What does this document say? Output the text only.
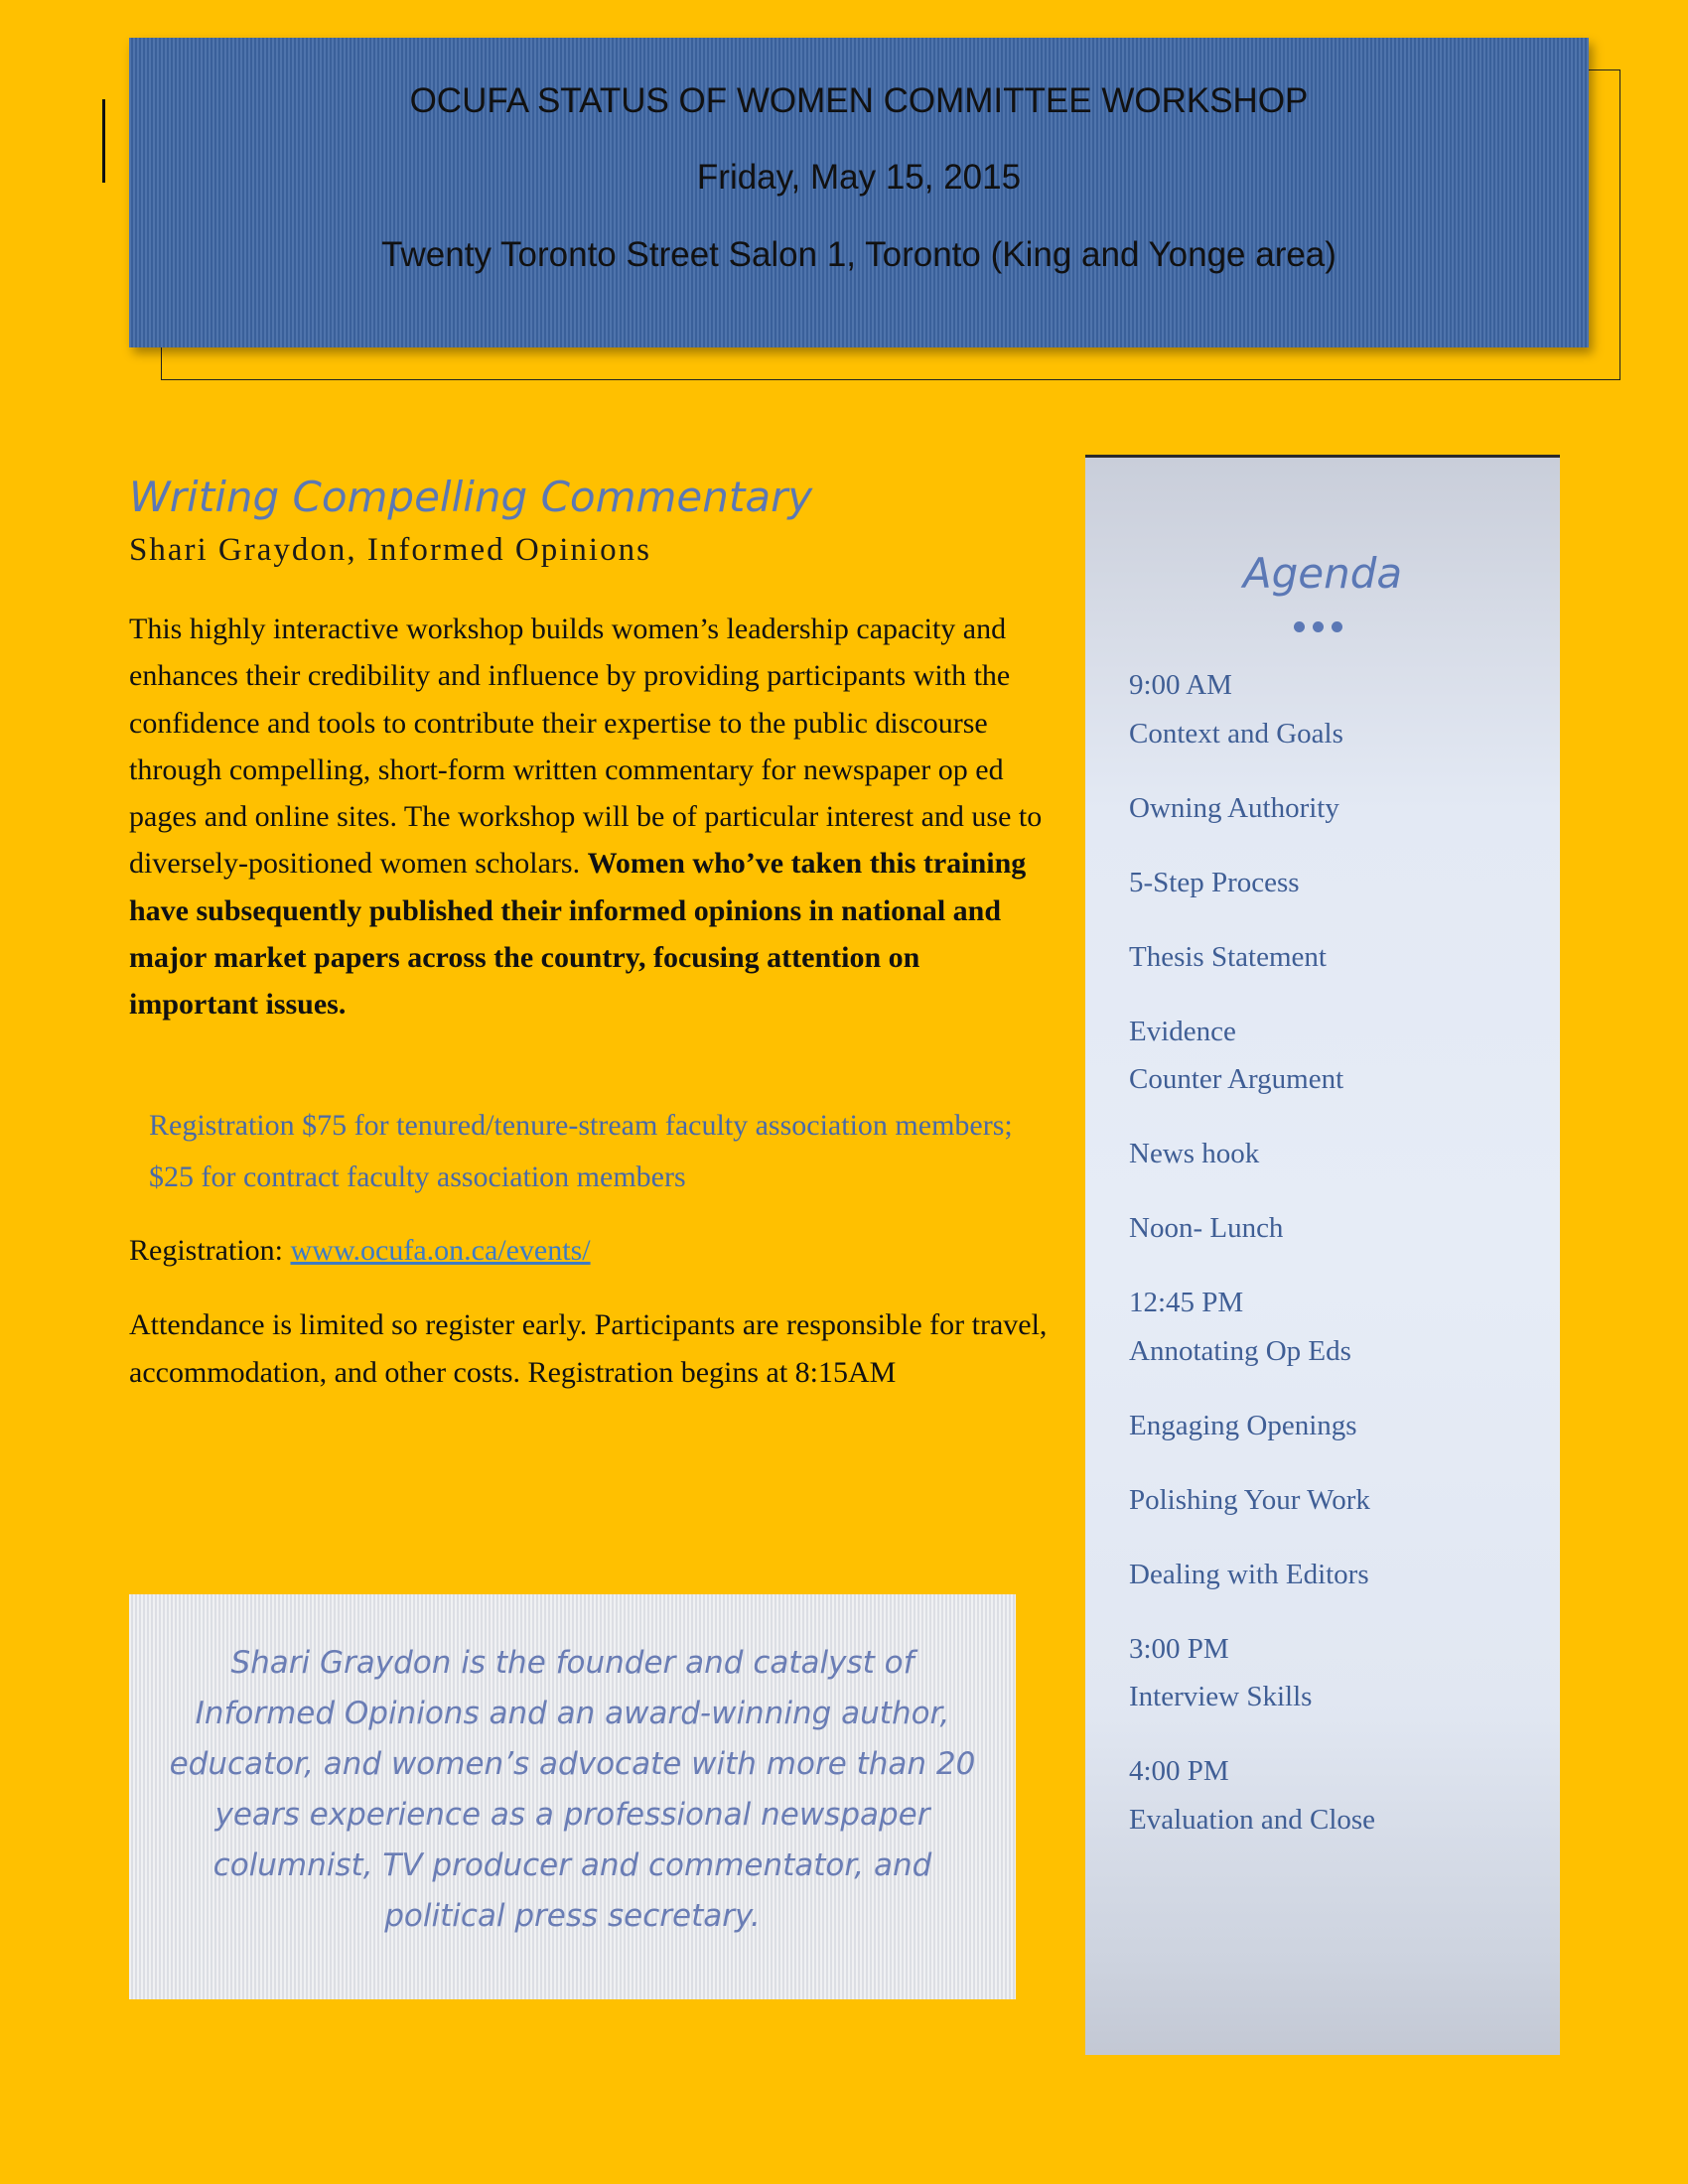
OCUFA STATUS OF WOMEN COMMITTEE WORKSHOP
Friday, May 15, 2015
Twenty Toronto Street Salon 1, Toronto (King and Yonge area)
Writing Compelling Commentary
Shari Graydon, Informed Opinions
This highly interactive workshop builds women’s leadership capacity and enhances their credibility and influence by providing participants with the confidence and tools to contribute their expertise to the public discourse through compelling, short-form written commentary for newspaper op ed pages and online sites. The workshop will be of particular interest and use to diversely-positioned women scholars. Women who’ve taken this training have subsequently published their informed opinions in national and major market papers across the country, focusing attention on important issues.
Registration $75 for tenured/tenure-stream faculty association members; $25 for contract faculty association members
Registration: www.ocufa.on.ca/events/
Attendance is limited so register early. Participants are responsible for travel, accommodation, and other costs. Registration begins at 8:15AM
Shari Graydon is the founder and catalyst of Informed Opinions and an award-winning author, educator, and women’s advocate with more than 20 years experience as a professional newspaper columnist, TV producer and commentator, and political press secretary.
Agenda
9:00 AM
Context and Goals
Owning Authority
5-Step Process
Thesis Statement
Evidence
Counter Argument
News hook
Noon- Lunch
12:45 PM
Annotating Op Eds
Engaging Openings
Polishing Your Work
Dealing with Editors
3:00 PM
Interview Skills
4:00 PM
Evaluation and Close
